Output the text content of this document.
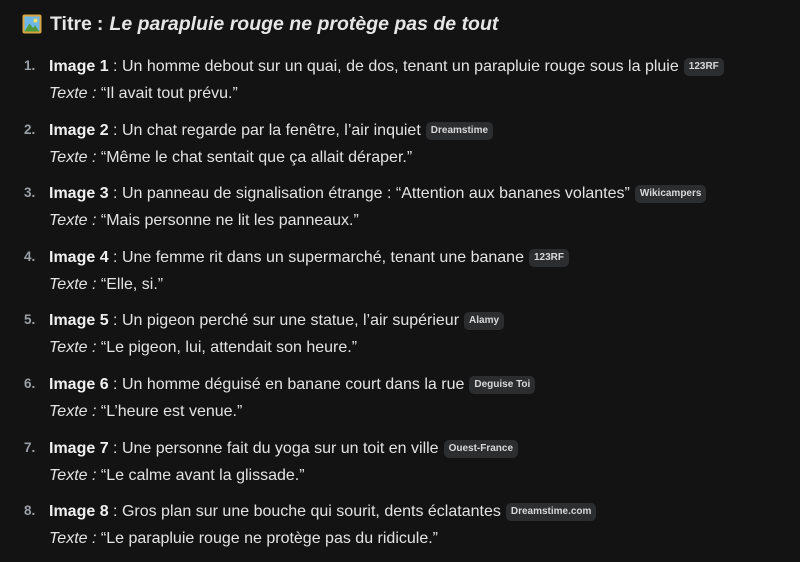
Titre : Le parapluie rouge ne protège pas de tout
1. Image 1 : Un homme debout sur un quai, de dos, tenant un parapluie rouge sous la pluie 123RF
Texte : “Il avait tout prévu.”
2. Image 2 : Un chat regarde par la fenêtre, l’air inquiet Dreamstime
Texte : “Même le chat sentait que ça allait déraper.”
3. Image 3 : Un panneau de signalisation étrange : “Attention aux bananes volantes” Wikicampers
Texte : “Mais personne ne lit les panneaux.”
4. Image 4 : Une femme rit dans un supermarché, tenant une banane 123RF
Texte : “Elle, si.”
5. Image 5 : Un pigeon perché sur une statue, l’air supérieur Alamy
Texte : “Le pigeon, lui, attendait son heure.”
6. Image 6 : Un homme déguisé en banane court dans la rue Deguise Toi
Texte : “L’heure est venue.”
7. Image 7 : Une personne fait du yoga sur un toit en ville Ouest-France
Texte : “Le calme avant la glissade.”
8. Image 8 : Gros plan sur une bouche qui sourit, dents éclatantes Dreamstime.com
Texte : “Le parapluie rouge ne protège pas du ridicule.”
